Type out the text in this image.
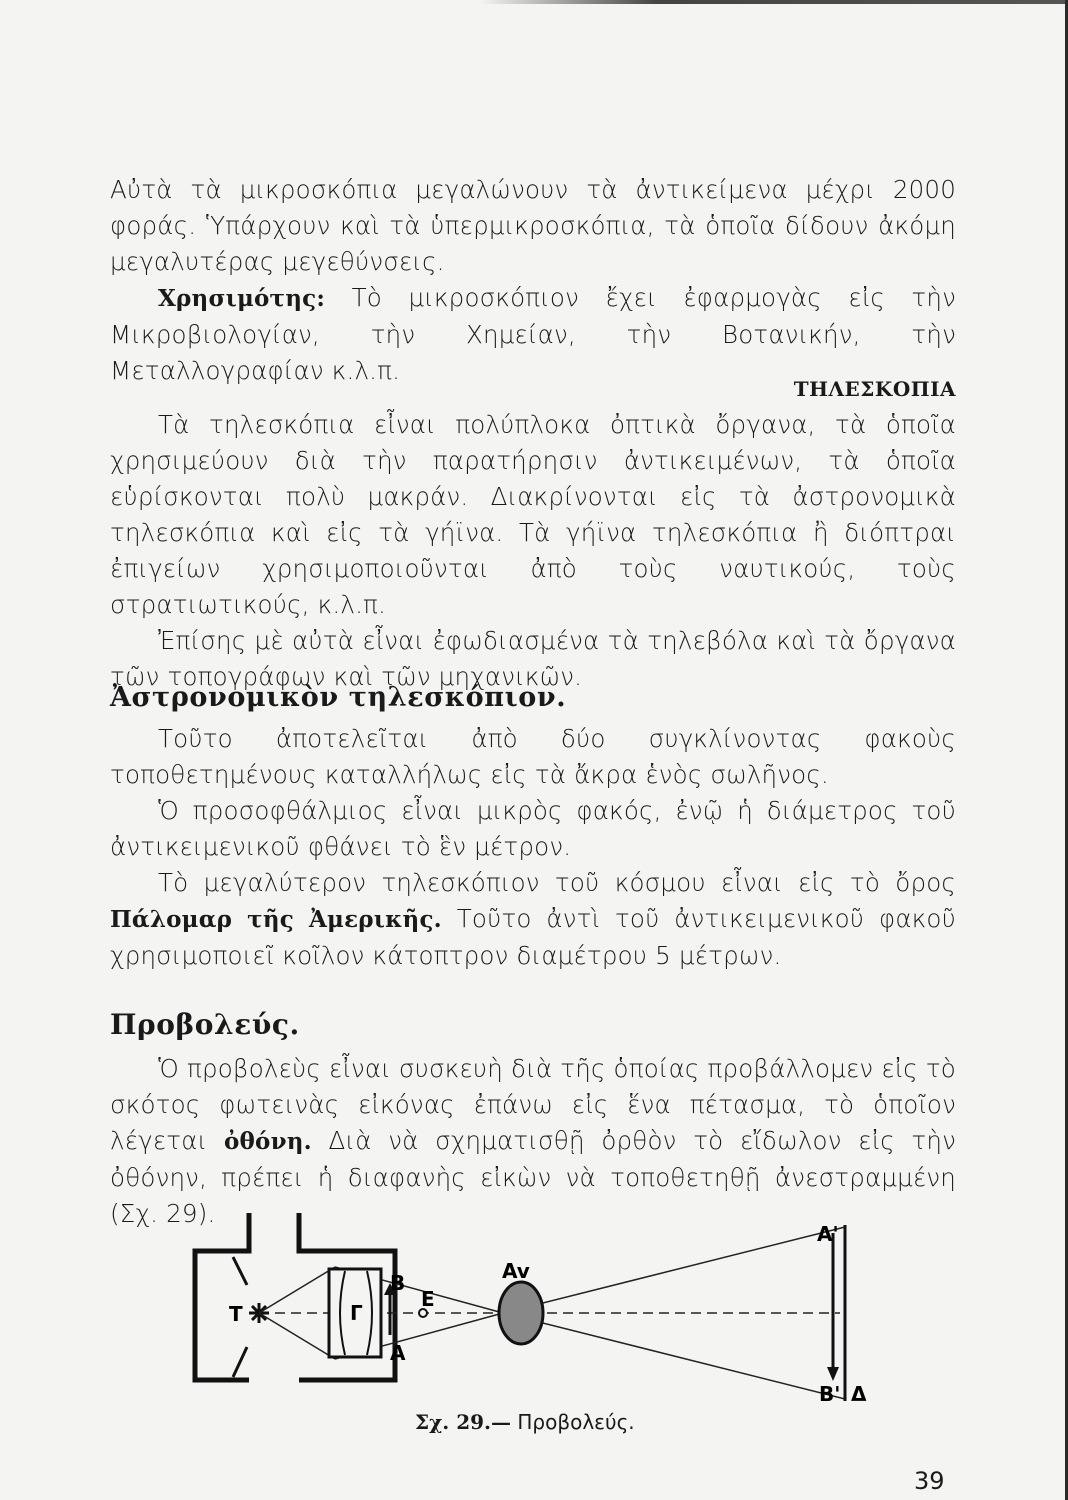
Αὐτὰ τὰ μικροσκόπια μεγαλώνουν τὰ ἀντικείμενα μέχρι 2000 φοράς. Ὑπάρχουν καὶ τὰ ὑπερμικροσκόπια, τὰ ὁποῖα δίδουν ἀκόμη μεγαλυτέρας μεγεθύνσεις.

Χρησιμότης: Τὸ μικροσκόπιον ἔχει ἐφαρμογὰς εἰς τὴν Μικροβιολογίαν, τὴν Χημείαν, τὴν Βοτανικήν, τὴν Μεταλλογραφίαν κ.λ.π.

ΤΗΛΕΣΚΟΠΙΑ

Τὰ τηλεσκόπια εἶναι πολύπλοκα ὀπτικὰ ὄργανα, τὰ ὁποῖα χρησιμεύουν διὰ τὴν παρατήρησιν ἀντικειμένων, τὰ ὁποῖα εὑρίσκονται πολὺ μακράν. Διακρίνονται εἰς τὰ ἀστρονομικὰ τηλεσκόπια καὶ εἰς τὰ γήϊνα. Τὰ γήϊνα τηλεσκόπια ἢ διόπτραι ἐπιγείων χρησιμοποιοῦνται ἀπὸ τοὺς ναυτικούς, τοὺς στρατιωτικούς, κ.λ.π.

Ἐπίσης μὲ αὐτὰ εἶναι ἐφωδιασμένα τὰ τηλεβόλα καὶ τὰ ὄργανα τῶν τοπογράφων καὶ τῶν μηχανικῶν.

Ἀστρονομικὸν τηλεσκόπιον.

Τοῦτο ἀποτελεῖται ἀπὸ δύο συγκλίνοντας φακοὺς τοποθετημένους καταλλήλως εἰς τὰ ἄκρα ἑνὸς σωλῆνος.

Ὁ προσοφθάλμιος εἶναι μικρὸς φακός, ἐνῷ ἡ διάμετρος τοῦ ἀντικειμενικοῦ φθάνει τὸ ἓν μέτρον.

Τὸ μεγαλύτερον τηλεσκόπιον τοῦ κόσμου εἶναι εἰς τὸ ὄρος Πάλομαρ τῆς Ἀμερικῆς. Τοῦτο ἀντὶ τοῦ ἀντικειμενικοῦ φακοῦ χρησιμοποιεῖ κοῖλον κάτοπτρον διαμέτρου 5 μέτρων.

Προβολεύς.

Ὁ προβολεὺς εἶναι συσκευὴ διὰ τῆς ὁποίας προβάλλομεν εἰς τὸ σκότος φωτεινὰς εἰκόνας ἐπάνω εἰς ἕνα πέτασμα, τὸ ὁποῖον λέγεται ὀθόνη. Διὰ νὰ σχηματισθῇ ὀρθὸν τὸ εἴδωλον εἰς τὴν ὀθόνην, πρέπει ἡ διαφανὴς εἰκὼν νὰ τοποθετηθῇ ἀνεστραμμένη (Σχ. 29).

T	Γ
B
A
E
Av
A'
B' Δ
Σχ. 29.— Προβολεύς.
39
